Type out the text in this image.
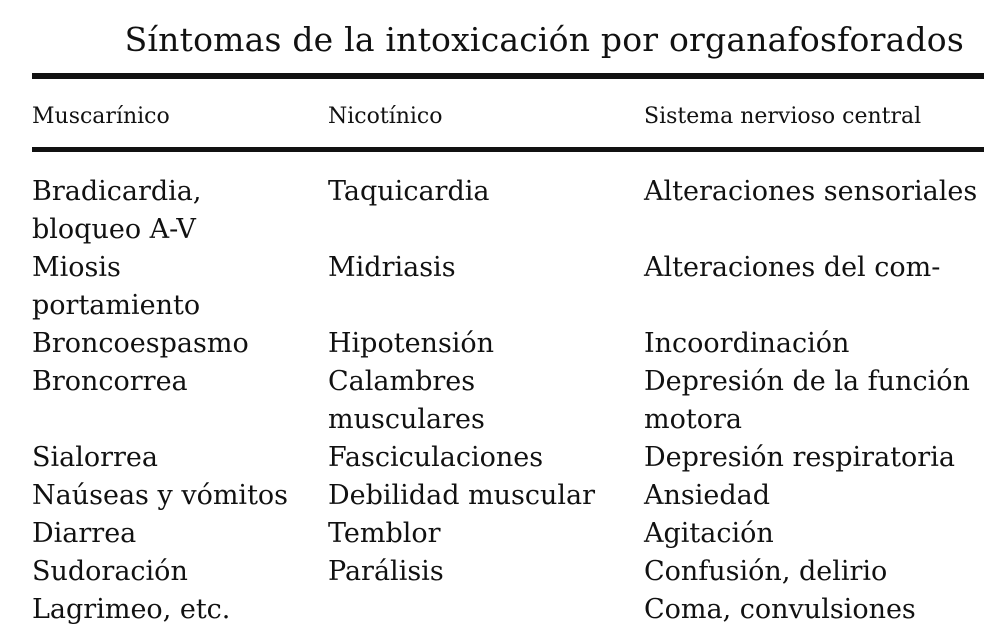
Síntomas de la intoxicación por organafosforados
Muscarínico	Nicotínico	Sistema nervioso central
Bradicardia,
bloqueo A-V
Miosis
portamiento
Broncoespasmo
Broncorrea
Sialorrea
Naúseas y vómitos
Diarrea
Sudoración
Lagrimeo, etc.
Taquicardia
Midriasis
Hipotensión
Calambres
musculares
Fasciculaciones
Debilidad muscular
Temblor
Parálisis
Alteraciones sensoriales
Alteraciones del com-
Incoordinación
Depresión de la función
motora
Depresión respiratoria
Ansiedad
Agitación
Confusión, delirio
Coma, convulsiones
